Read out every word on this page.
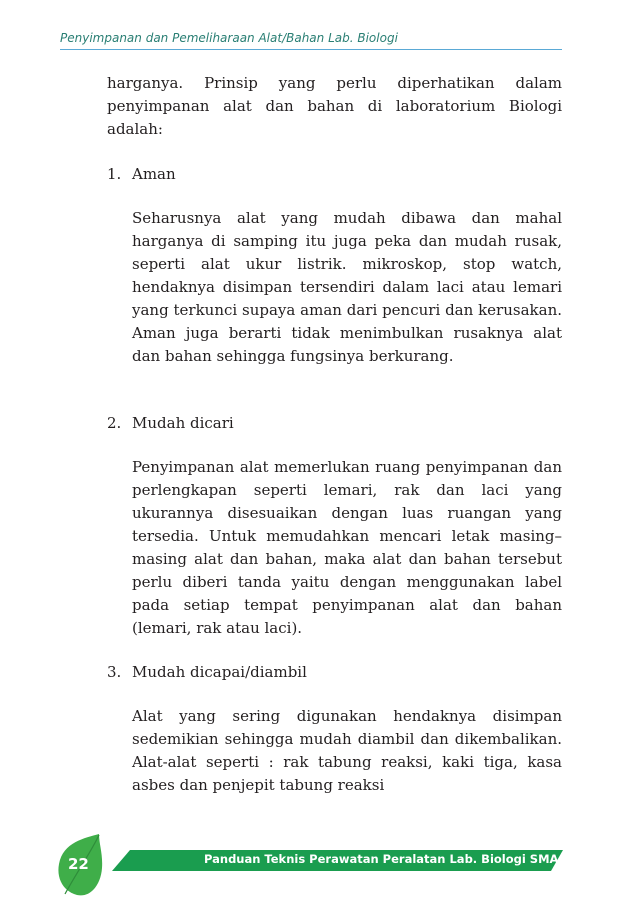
Penyimpanan dan Pemeliharaan Alat/Bahan Lab. Biologi

harganya. Prinsip yang perlu diperhatikan dalam penyimpanan alat dan bahan di laboratorium Biologi adalah:

1. Aman

Seharusnya alat yang mudah dibawa dan mahal harganya di samping itu juga peka dan mudah rusak, seperti alat ukur listrik. mikroskop, stop watch, hendaknya disimpan tersendiri dalam laci atau lemari yang terkunci supaya aman dari pencuri dan kerusakan. Aman juga berarti tidak menimbulkan rusaknya alat dan bahan sehingga fungsinya berkurang.

2. Mudah dicari

Penyimpanan alat memerlukan ruang penyimpanan dan perlengkapan seperti lemari, rak dan laci yang ukurannya disesuaikan dengan luas ruangan yang tersedia. Untuk memudahkan mencari letak masing–masing alat dan bahan, maka alat dan bahan tersebut perlu diberi tanda yaitu dengan menggunakan label pada setiap tempat penyimpanan alat dan bahan (lemari, rak atau laci).

3. Mudah dicapai/diambil

Alat yang sering digunakan hendaknya disimpan sedemikian sehingga mudah diambil dan dikembalikan. Alat-alat seperti : rak tabung reaksi, kaki tiga, kasa asbes dan penjepit tabung reaksi

22	Panduan Teknis Perawatan Peralatan Lab. Biologi SMA
